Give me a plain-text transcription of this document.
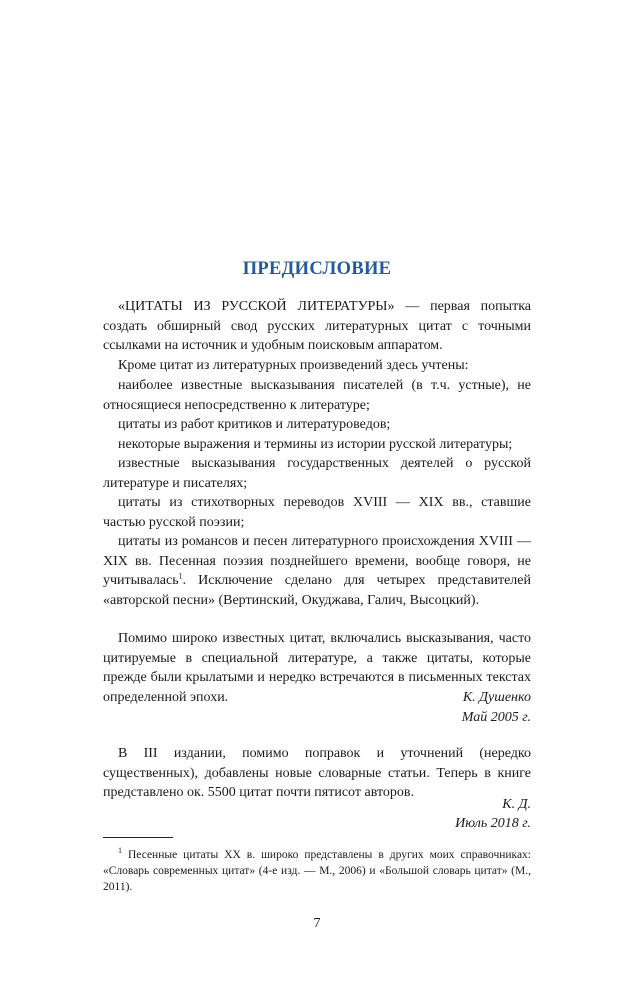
ПРЕДИСЛОВИЕ

«ЦИТАТЫ ИЗ РУССКОЙ ЛИТЕРАТУРЫ» — первая попытка создать обширный свод русских литературных цитат с точными ссылками на источник и удобным поисковым аппаратом.

Кроме цитат из литературных произведений здесь учтены:

наиболее известные высказывания писателей (в т.ч. устные), не относящиеся непосредственно к литературе;

цитаты из работ критиков и литературоведов;

некоторые выражения и термины из истории русской литературы;

известные высказывания государственных деятелей о русской литературе и писателях;

цитаты из стихотворных переводов XVIII — XIX вв., ставшие частью русской поэзии;

цитаты из романсов и песен литературного происхождения XVIII — XIX вв. Песенная поэзия позднейшего времени, вообще говоря, не учитывалась$^1$. Исключение сделано для четырех представителей «авторской песни» (Вертинский, Окуджава, Галич, Высоцкий).

Помимо широко известных цитат, включались высказывания, часто цитируемые в специальной литературе, а также цитаты, которые прежде были крылатыми и нередко встречаются в письменных текстах определенной эпохи.	К. Душенко
Май 2005 г.

В III издании, помимо поправок и уточнений (нередко существенных), добавлены новые словарные статьи. Теперь в книге представлено ок. 5500 цитат почти пятисот авторов.

К. Д.
Июль 2018 г.

$^1$ Песенные цитаты XX в. широко представлены в других моих справочниках: «Словарь современных цитат» (4-е изд. — М., 2006) и «Большой словарь цитат» (М., 2011).

7
